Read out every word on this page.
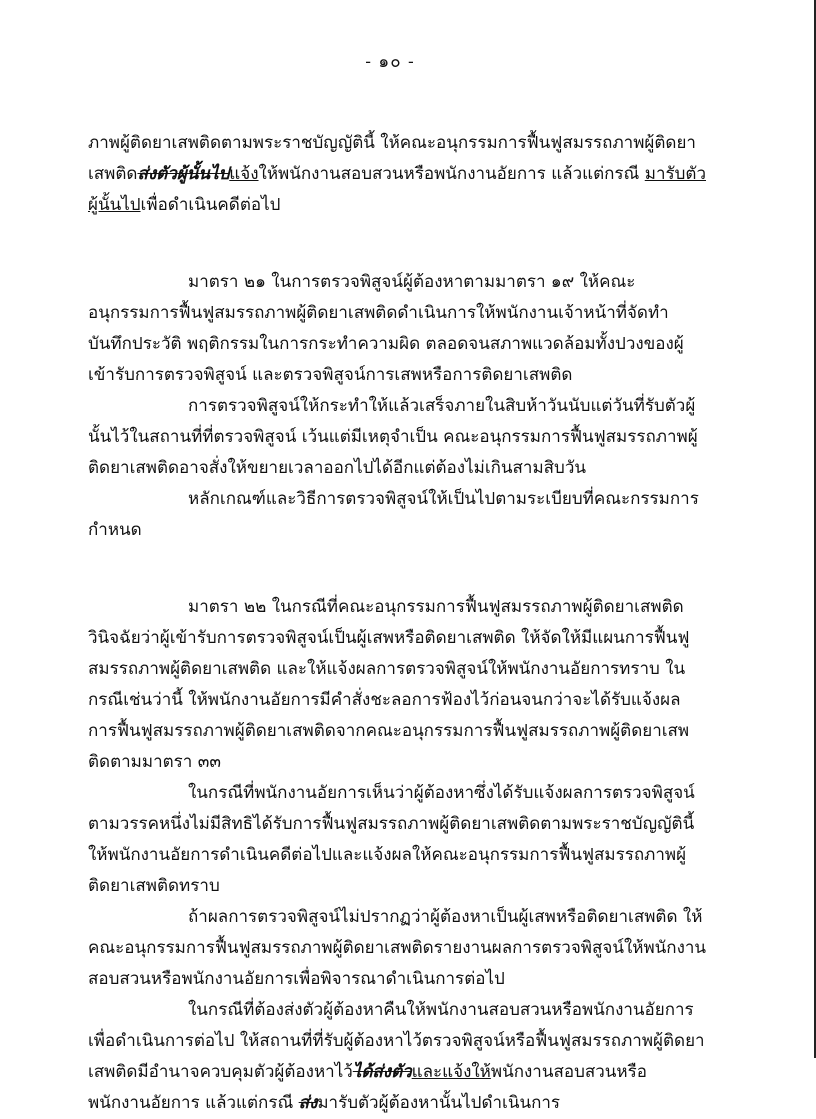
- ๑๐ -

ภาพผู้ติดยาเสพติดตามพระราชบัญญัตินี้ ให้คณะอนุกรรมการฟื้นฟูสมรรถภาพผู้ติดยา
เสพติดส่งตัวผู้นั้นไปแจ้งให้พนักงานสอบสวนหรือพนักงานอัยการ แล้วแต่กรณี มารับตัว
ผู้นั้นไปเพื่อดำเนินคดีต่อไป

มาตรา ๒๑ ในการตรวจพิสูจน์ผู้ต้องหาตามมาตรา ๑๙ ให้คณะอนุกรรมการฟื้นฟูสมรรถภาพผู้ติดยาเสพติดดำเนินการให้พนักงานเจ้าหน้าที่จัดทำบันทึกประวัติ พฤติกรรมในการกระทำความผิด ตลอดจนสภาพแวดล้อมทั้งปวงของผู้เข้ารับการตรวจพิสูจน์ และตรวจพิสูจน์การเสพหรือการติดยาเสพติด

การตรวจพิสูจน์ให้กระทำให้แล้วเสร็จภายในสิบห้าวันนับแต่วันที่รับตัวผู้นั้นไว้ในสถานที่ที่ตรวจพิสูจน์ เว้นแต่มีเหตุจำเป็น คณะอนุกรรมการฟื้นฟูสมรรถภาพผู้ติดยาเสพติดอาจสั่งให้ขยายเวลาออกไปได้อีกแต่ต้องไม่เกินสามสิบวัน

หลักเกณฑ์และวิธีการตรวจพิสูจน์ให้เป็นไปตามระเบียบที่คณะกรรมการกำหนด

มาตรา ๒๒ ในกรณีที่คณะอนุกรรมการฟื้นฟูสมรรถภาพผู้ติดยาเสพติดวินิจฉัยว่าผู้เข้ารับการตรวจพิสูจน์เป็นผู้เสพหรือติดยาเสพติด ให้จัดให้มีแผนการฟื้นฟูสมรรถภาพผู้ติดยาเสพติด และให้แจ้งผลการตรวจพิสูจน์ให้พนักงานอัยการทราบ ในกรณีเช่นว่านี้ ให้พนักงานอัยการมีคำสั่งชะลอการฟ้องไว้ก่อนจนกว่าจะได้รับแจ้งผลการฟื้นฟูสมรรถภาพผู้ติดยาเสพติดจากคณะอนุกรรมการฟื้นฟูสมรรถภาพผู้ติดยาเสพติดตามมาตรา ๓๓

ในกรณีที่พนักงานอัยการเห็นว่าผู้ต้องหาซึ่งได้รับแจ้งผลการตรวจพิสูจน์ตามวรรคหนึ่งไม่มีสิทธิได้รับการฟื้นฟูสมรรถภาพผู้ติดยาเสพติดตามพระราชบัญญัตินี้ ให้พนักงานอัยการดำเนินคดีต่อไปและแจ้งผลให้คณะอนุกรรมการฟื้นฟูสมรรถภาพผู้ติดยาเสพติดทราบ

ถ้าผลการตรวจพิสูจน์ไม่ปรากฏว่าผู้ต้องหาเป็นผู้เสพหรือติดยาเสพติด ให้คณะอนุกรรมการฟื้นฟูสมรรถภาพผู้ติดยาเสพติดรายงานผลการตรวจพิสูจน์ให้พนักงานสอบสวนหรือพนักงานอัยการเพื่อพิจารณาดำเนินการต่อไป

ในกรณีที่ต้องส่งตัวผู้ต้องหาคืนให้พนักงานสอบสวนหรือพนักงานอัยการเพื่อดำเนินการต่อไป ให้สถานที่ที่รับผู้ต้องหาไว้ตรวจพิสูจน์หรือฟื้นฟูสมรรถภาพผู้ติดยาเสพติดมีอำนาจควบคุมตัวผู้ต้องหาไว้ได้ส่งตัวและแจ้งให้พนักงานสอบสวนหรือพนักงานอัยการ แล้วแต่กรณี ส่งมารับตัวผู้ต้องหานั้นไปดำเนินการ
